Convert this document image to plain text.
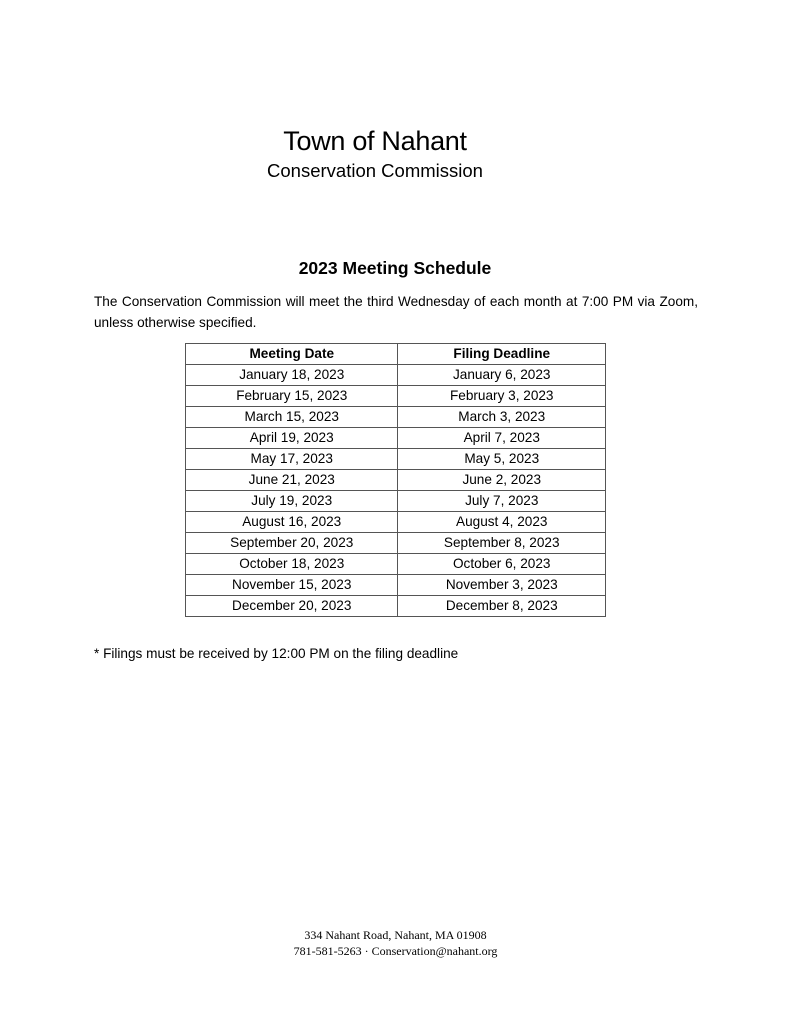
Town of Nahant
Conservation Commission
2023 Meeting Schedule
The Conservation Commission will meet the third Wednesday of each month at 7:00 PM via Zoom, unless otherwise specified.
Meeting Date	Filing Deadline
January 18, 2023	January 6, 2023
February 15, 2023	February 3, 2023
March 15, 2023	March 3, 2023
April 19, 2023	April 7, 2023
May 17, 2023	May 5, 2023
June 21, 2023	June 2, 2023
July 19, 2023	July 7, 2023
August 16, 2023	August 4, 2023
September 20, 2023	September 8, 2023
October 18, 2023	October 6, 2023
November 15, 2023	November 3, 2023
December 20, 2023	December 8, 2023
* Filings must be received by 12:00 PM on the filing deadline
334 Nahant Road, Nahant, MA 01908
781-581-5263 · Conservation@nahant.org
